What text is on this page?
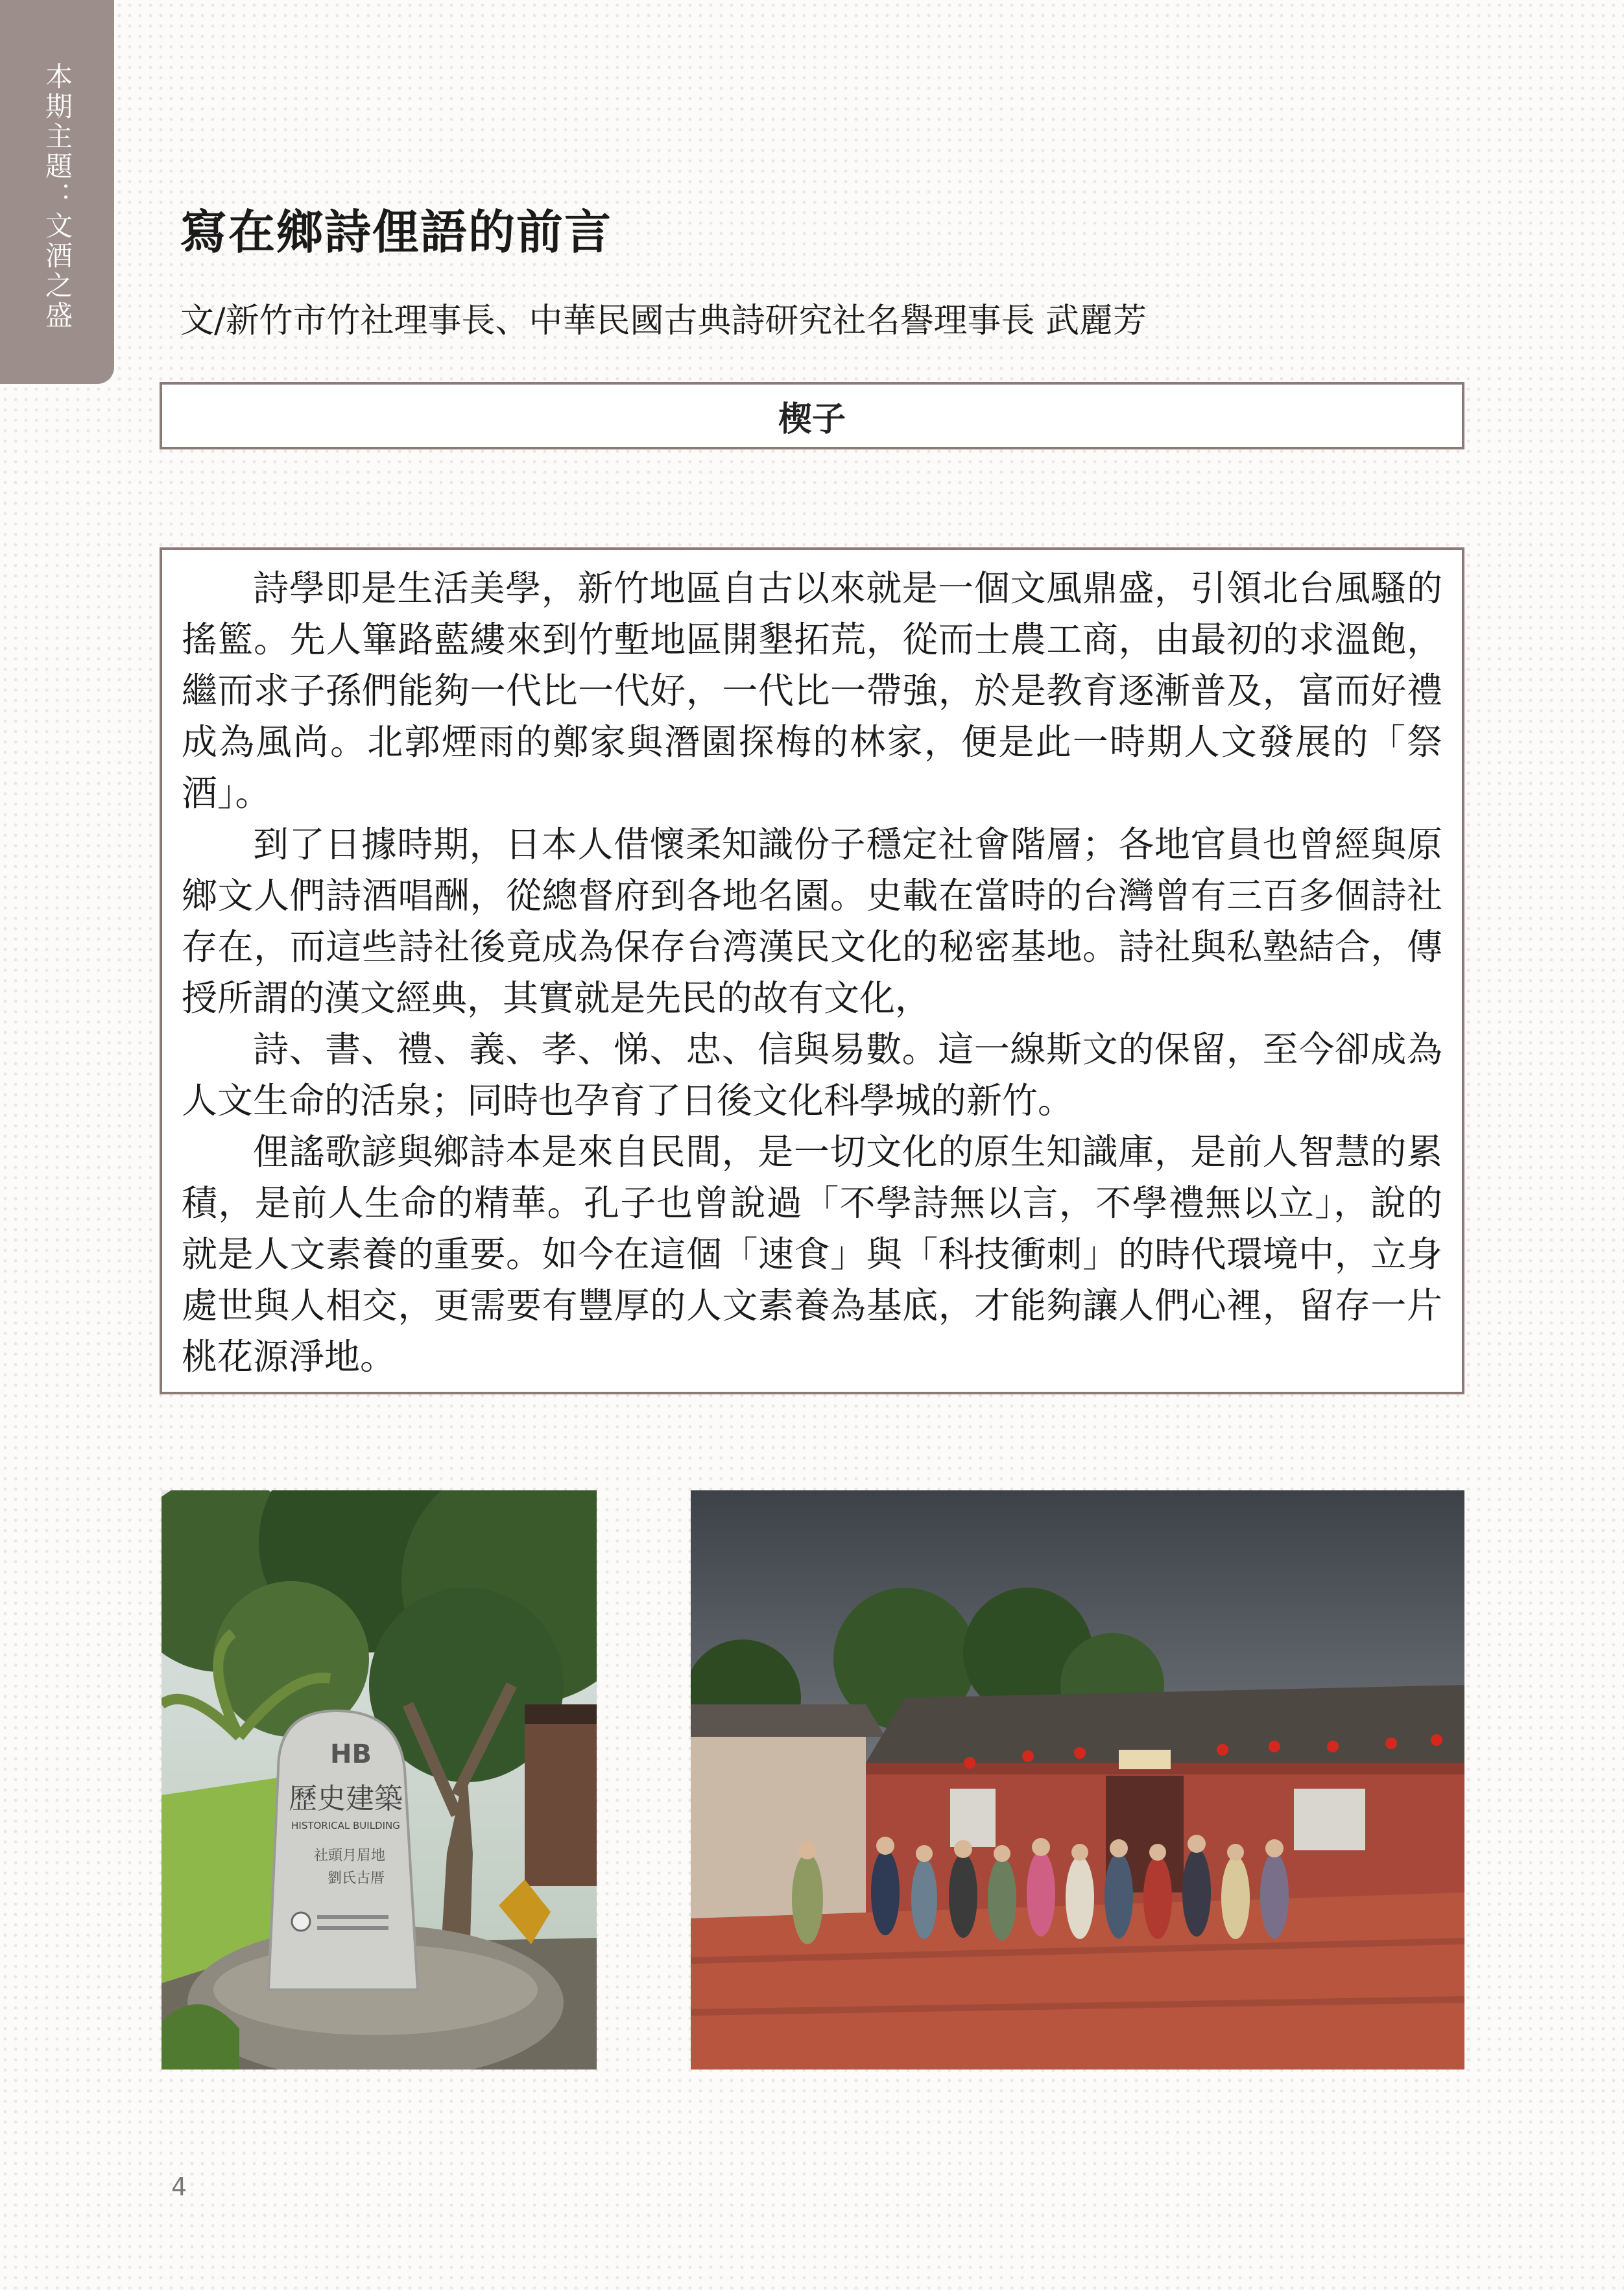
本期主題：文酒之盛 寫在鄉詩俚語的前言
文/新竹市竹社理事長、中華民國古典詩研究社名譽理事長 武麗芳
楔子

詩學即是生活美學，新竹地區自古以來就是一個文風鼎盛，引領北台風騷的搖籃。先人篳路藍縷來到竹塹地區開墾拓荒，從而士農工商，由最初的求溫飽，繼而求子孫們能夠一代比一代好，一代比一帶強，於是教育逐漸普及，富而好禮成為風尚。北郭煙雨的鄭家與潛園探梅的林家，便是此一時期人文發展的「祭酒」。

到了日據時期，日本人借懷柔知識份子穩定社會階層；各地官員也曾經與原鄉文人們詩酒唱酬，從總督府到各地名園。史載在當時的台灣曾有三百多個詩社存在，而這些詩社後竟成為保存台湾漢民文化的秘密基地。詩社與私塾結合，傳授所謂的漢文經典，其實就是先民的故有文化，

詩、書、禮、義、孝、悌、忠、信與易數。這一線斯文的保留，至今卻成為人文生命的活泉；同時也孕育了日後文化科學城的新竹。

俚謠歌諺與鄉詩本是來自民間，是一切文化的原生知識庫，是前人智慧的累積，是前人生命的精華。孔子也曾說過「不學詩無以言，不學禮無以立」，說的就是人文素養的重要。如今在這個「速食」與「科技衝刺」的時代環境中，立身處世與人相交，更需要有豐厚的人文素養為基底，才能夠讓人們心裡，留存一片桃花源淨地。

HB
歷史建築
HISTORICAL BUILDING
社頭月眉地
劉氏古厝
4
